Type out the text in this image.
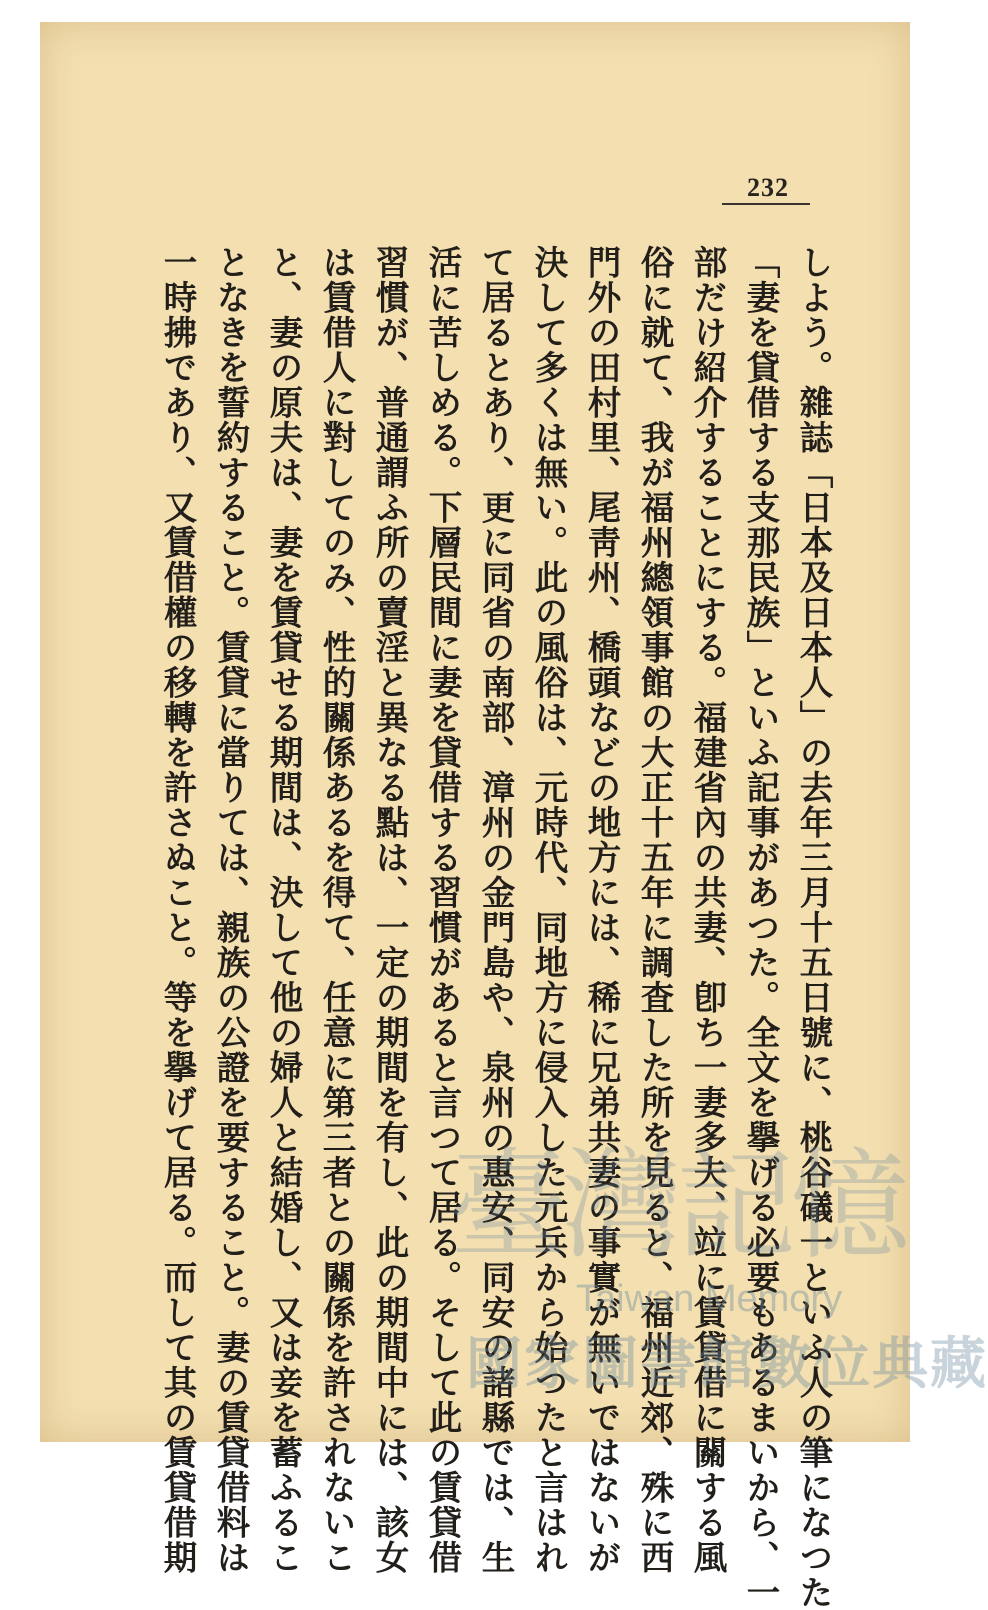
232
しよう。雜誌「日本及日本人」の去年三月十五日號に、桃谷礒一といふ人の筆になつた
「妻を貸借する支那民族」といふ記事があつた。全文を擧げる必要もあるまいから、一
部だけ紹介することにする。福建省內の共妻、卽ち一妻多夫、竝に賃貸借に關する風
俗に就て、我が福州總領事館の大正十五年に調査した所を見ると、福州近郊、殊に西
門外の田村里、尾靑州、橋頭などの地方には、稀に兄弟共妻の事實が無いではないが
決して多くは無い。此の風俗は、元時代、同地方に侵入した元兵から始つたと言はれ
て居るとあり、更に同省の南部、漳州の金門島や、泉州の惠安、同安の諸縣では、生
活に苦しめる。下層民間に妻を貸借する習慣があると言つて居る。そして此の賃貸借
習慣が、普通謂ふ所の賣淫と異なる點は、一定の期間を有し、此の期間中には、該女
は賃借人に對してのみ、性的關係あるを得て、任意に第三者との關係を許されないこ
と、妻の原夫は、妻を賃貸せる期間は、決して他の婦人と結婚し、又は妾を蓄ふるこ
となきを誓約すること。賃貸に當りては、親族の公證を要すること。妻の賃貸借料は
一時拂であり、又賃借權の移轉を許さぬこと。等を擧げて居る。而して其の賃貸借期 臺灣記憶
Taiwan Memory
國家圖書館數位典藏
